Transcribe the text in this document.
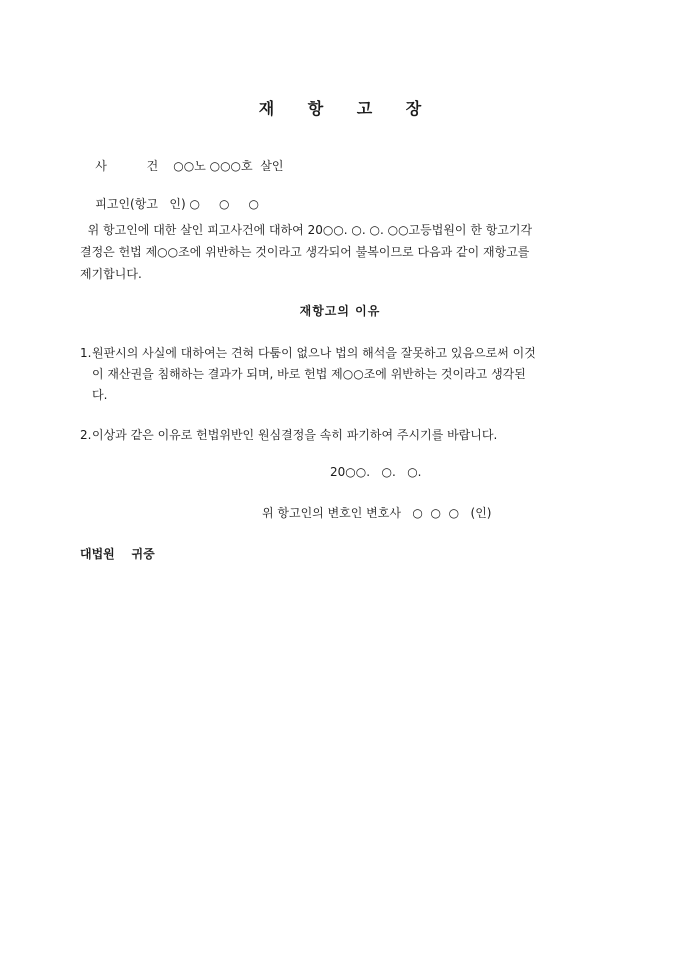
재 항 고 장

사 건○○노 ○○○호  살인

피고인(항고   인) ○     ○     ○

위 항고인에 대한 살인 피고사건에 대하여 20○○. ○. ○. ○○고등법원이 한 항고기각

결정은 헌법 제○○조에 위반하는 것이라고 생각되어 불복이므로 다음과 같이 재항고를

제기합니다.

재항고의 이유
1. 원판시의 사실에 대하여는 견혀 다툼이 없으나 법의 해석을 잘못하고 있음으로써 이것

이 재산권을 침해하는 결과가 되며, 바로 헌법 제○○조에 위반하는 것이라고 생각된

다.

2. 이상과 같은 이유로 헌법위반인 원심결정을 속히 파기하여 주시기를 바랍니다.

20○○.   ○.   ○.
위 항고인의 변호인 변호사   ○  ○  ○   (인)
대법원    귀중
